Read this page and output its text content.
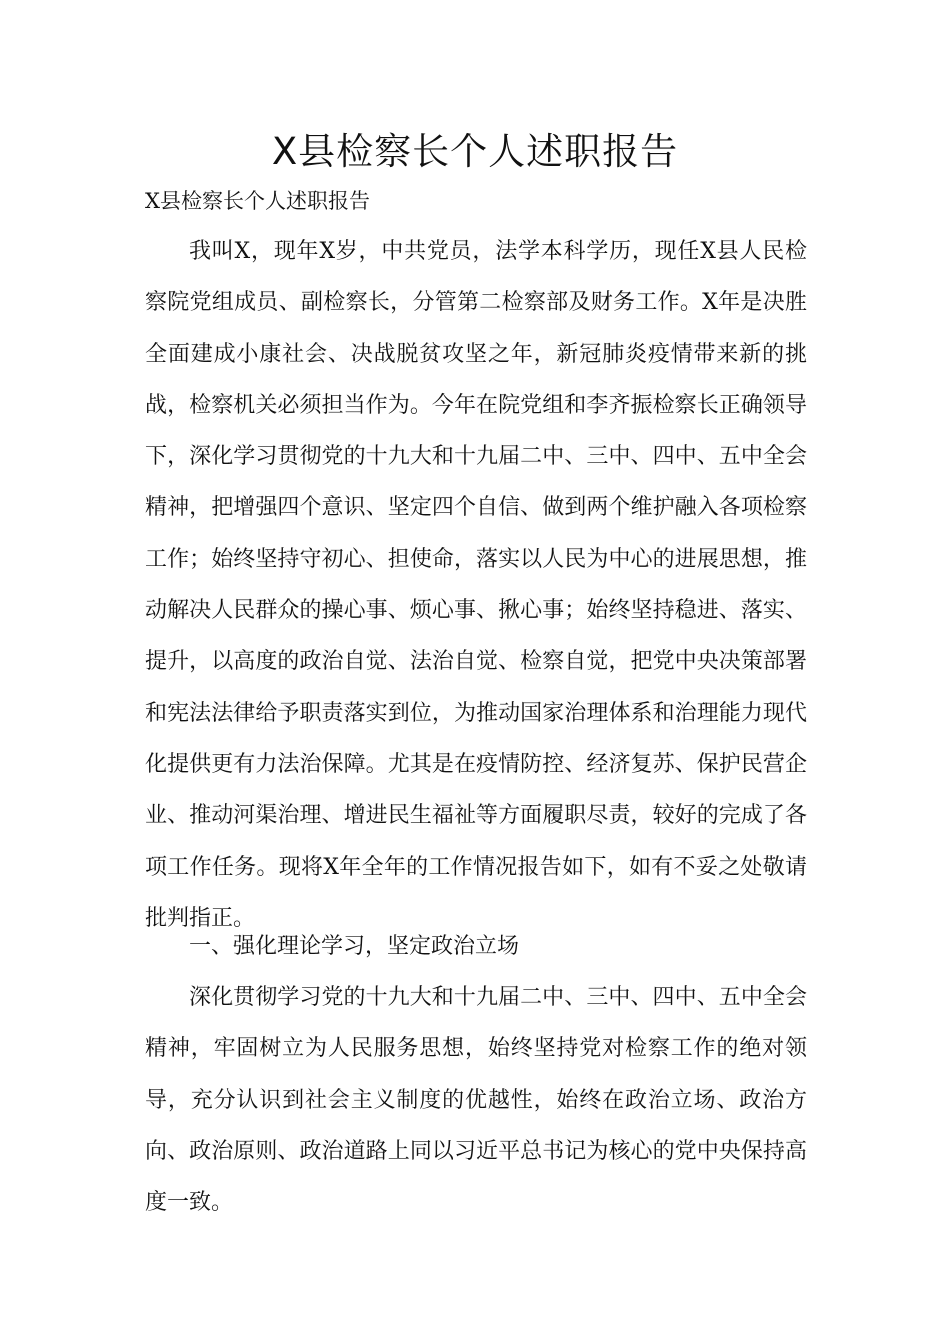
X县检察长个人述职报告
X县检察长个人述职报告

我叫X，现年X岁，中共党员，法学本科学历，现任X县人民检察院党组成员、副检察长，分管第二检察部及财务工作。X年是决胜全面建成小康社会、决战脱贫攻坚之年，新冠肺炎疫情带来新的挑战，检察机关必须担当作为。今年在院党组和李齐振检察长正确领导下，深化学习贯彻党的十九大和十九届二中、三中、四中、五中全会精神，把增强四个意识、坚定四个自信、做到两个维护融入各项检察工作；始终坚持守初心、担使命，落实以人民为中心的进展思想，推动解决人民群众的操心事、烦心事、揪心事；始终坚持稳进、落实、提升，以高度的政治自觉、法治自觉、检察自觉，把党中央决策部署和宪法法律给予职责落实到位，为推动国家治理体系和治理能力现代化提供更有力法治保障。尤其是在疫情防控、经济复苏、保护民营企业、推动河渠治理、增进民生福祉等方面履职尽责，较好的完成了各项工作任务。现将X年全年的工作情况报告如下，如有不妥之处敬请批判指正。

一、强化理论学习，坚定政治立场

深化贯彻学习党的十九大和十九届二中、三中、四中、五中全会精神，牢固树立为人民服务思想，始终坚持党对检察工作的绝对领导，充分认识到社会主义制度的优越性，始终在政治立场、政治方向、政治原则、政治道路上同以习近平总书记为核心的党中央保持高度一致。
